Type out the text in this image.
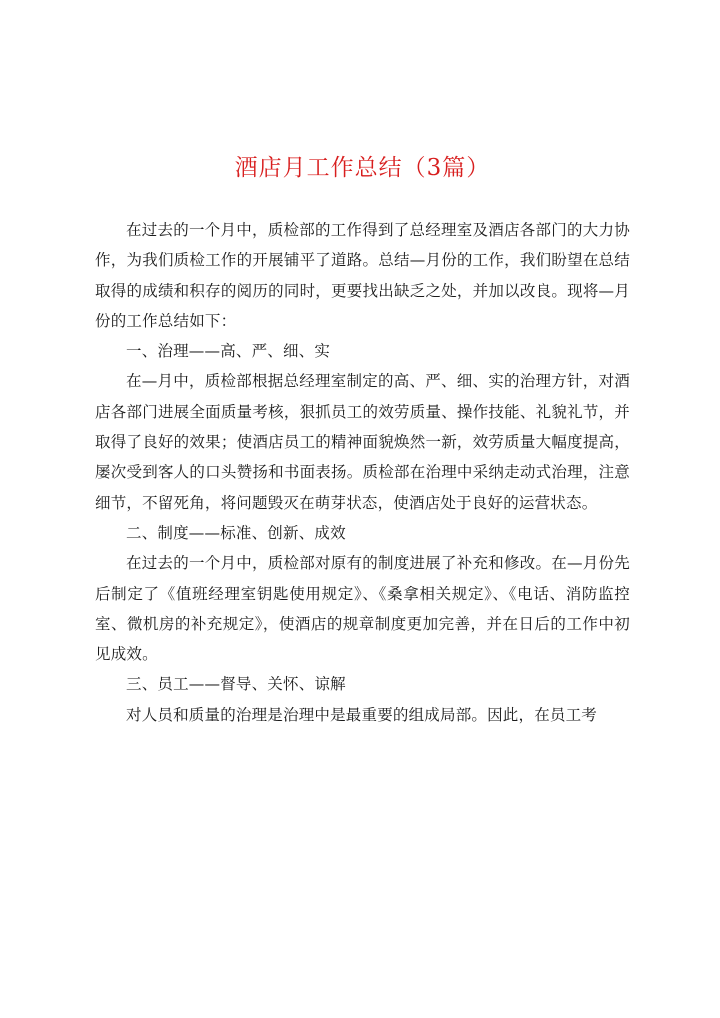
酒店月工作总结（3篇）

在过去的一个月中，质检部的工作得到了总经理室及酒店各部门的大力协作，为我们质检工作的开展铺平了道路。总结—月份的工作，我们盼望在总结取得的成绩和积存的阅历的同时，更要找出缺乏之处，并加以改良。现将—月份的工作总结如下：

一、治理——高、严、细、实

在—月中，质检部根据总经理室制定的高、严、细、实的治理方针，对酒店各部门进展全面质量考核，狠抓员工的效劳质量、操作技能、礼貌礼节，并取得了良好的效果；使酒店员工的精神面貌焕然一新，效劳质量大幅度提高，屡次受到客人的口头赞扬和书面表扬。质检部在治理中采纳走动式治理，注意细节，不留死角，将问题毁灭在萌芽状态，使酒店处于良好的运营状态。

二、制度——标准、创新、成效

在过去的一个月中，质检部对原有的制度进展了补充和修改。在—月份先后制定了《值班经理室钥匙使用规定》、《桑拿相关规定》、《电话、消防监控室、微机房的补充规定》，使酒店的规章制度更加完善，并在日后的工作中初见成效。

三、员工——督导、关怀、谅解

对人员和质量的治理是治理中是最重要的组成局部。因此，在员工考
